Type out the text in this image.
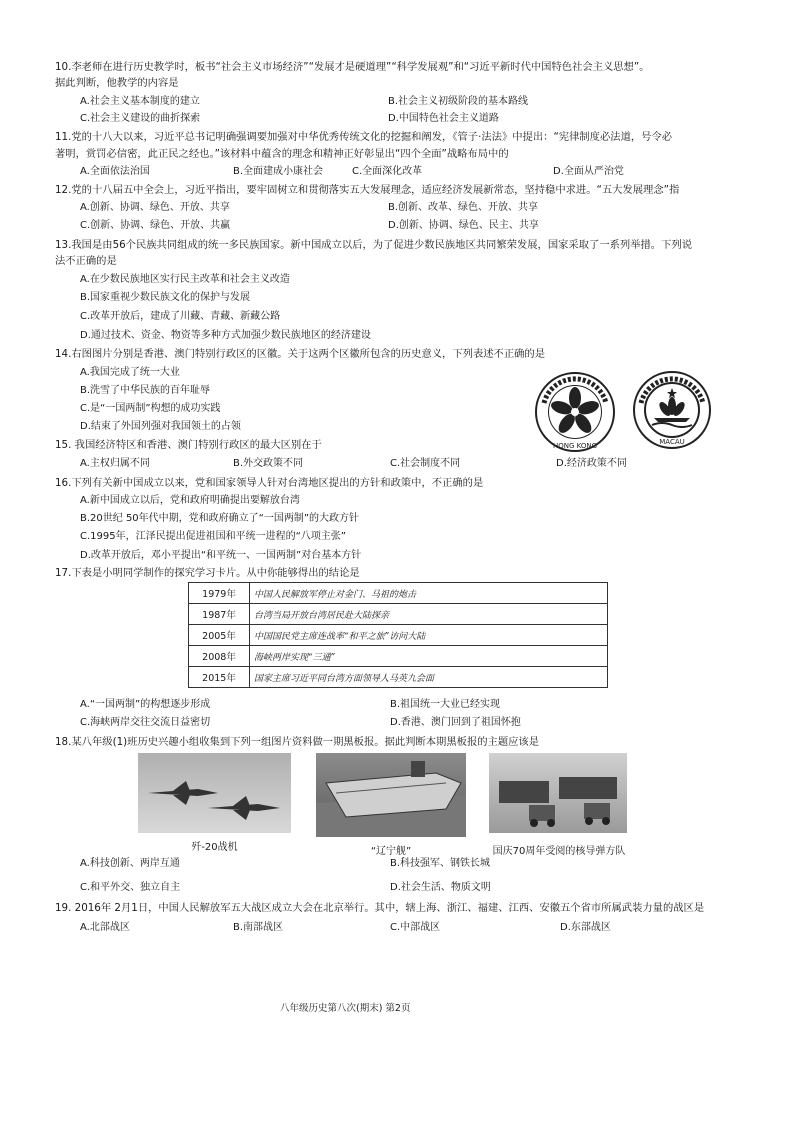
10.李老师在进行历史教学时，板书“社会主义市场经济”“发展才是硬道理”“科学发展观”和“习近平新时代中国特色社会主义思想”。
据此判断，他教学的内容是
A.社会主义基本制度的建立	B.社会主义初级阶段的基本路线
C.社会主义建设的曲折探索	D.中国特色社会主义道路
11.党的十八大以来，习近平总书记明确强调要加强对中华优秀传统文化的挖掘和阐发，《管子·法法》中提出：“宪律制度必法道，号令必
著明，赏罚必信密，此正民之经也。”该材料中蕴含的理念和精神正好彰显出“四个全面”战略布局中的
A.全面依法治国	B.全面建成小康社会	C.全面深化改革	D.全面从严治党
12.党的十八届五中全会上，习近平指出，要牢固树立和贯彻落实五大发展理念，适应经济发展新常态，坚持稳中求进。“五大发展理念”指
A.创新、协调、绿色、开放、共享	B.创新、改革、绿色、开放、共享
C.创新、协调、绿色、开放、共赢	D.创新、协调、绿色、民主、共享
13.我国是由56个民族共同组成的统一多民族国家。新中国成立以后，为了促进少数民族地区共同繁荣发展，国家采取了一系列举措。下列说
法不正确的是
A.在少数民族地区实行民主改革和社会主义改造
B.国家重视少数民族文化的保护与发展
C.改革开放后，建成了川藏、青藏、新藏公路
D.通过技术、资金、物资等多种方式加强少数民族地区的经济建设
14.右图图片分别是香港、澳门特别行政区的区徽。关于这两个区徽所包含的历史意义，下列表述不正确的是
A.我国完成了统一大业
B.洗雪了中华民族的百年耻辱
C.是“一国两制”构想的成功实践
D.结束了外国列强对我国领土的占领
HONG KONG	MACAU
15. 我国经济特区和香港、澳门特别行政区的最大区别在于
A.主权归属不同	B.外交政策不同	C.社会制度不同	D.经济政策不同
16.下列有关新中国成立以来，党和国家领导人针对台湾地区提出的方针和政策中，不正确的是
A.新中国成立以后，党和政府明确提出要解放台湾
B.20世纪 50年代中期，党和政府确立了“一国两制”的大政方针
C.1995年，江泽民提出促进祖国和平统一进程的“八项主张”
D.改革开放后，邓小平提出“和平统一、一国两制”对台基本方针
17.下表是小明同学制作的探究学习卡片。从中你能够得出的结论是
1979年	中国人民解放军停止对金门、马祖的炮击
1987年	台湾当局开放台湾居民赴大陆探亲
2005年	中国国民党主席连战率“和平之旅”访问大陆
2008年	海峡两岸实现“三通”
2015年	国家主席习近平同台湾方面领导人马英九会面
A.“一国两制”的构想逐步形成	B.祖国统一大业已经实现
C.海峡两岸交往交流日益密切	D.香港、澳门回到了祖国怀抱
18.某八年级(1)班历史兴趣小组收集到下列一组图片资料做一期黑板报。据此判断本期黑板报的主题应该是
歼-20战机	“辽宁舰”	国庆70周年受阅的核导弹方队
A.科技创新、两岸互通	B.科技强军、钢铁长城
C.和平外交、独立自主	D.社会生活、物质文明
19. 2016年 2月1日，中国人民解放军五大战区成立大会在北京举行。其中，辖上海、浙江、福建、江西、安徽五个省市所属武装力量的战区是
A.北部战区	B.南部战区	C.中部战区	D.东部战区
八年级历史第八次(期末) 第2页
